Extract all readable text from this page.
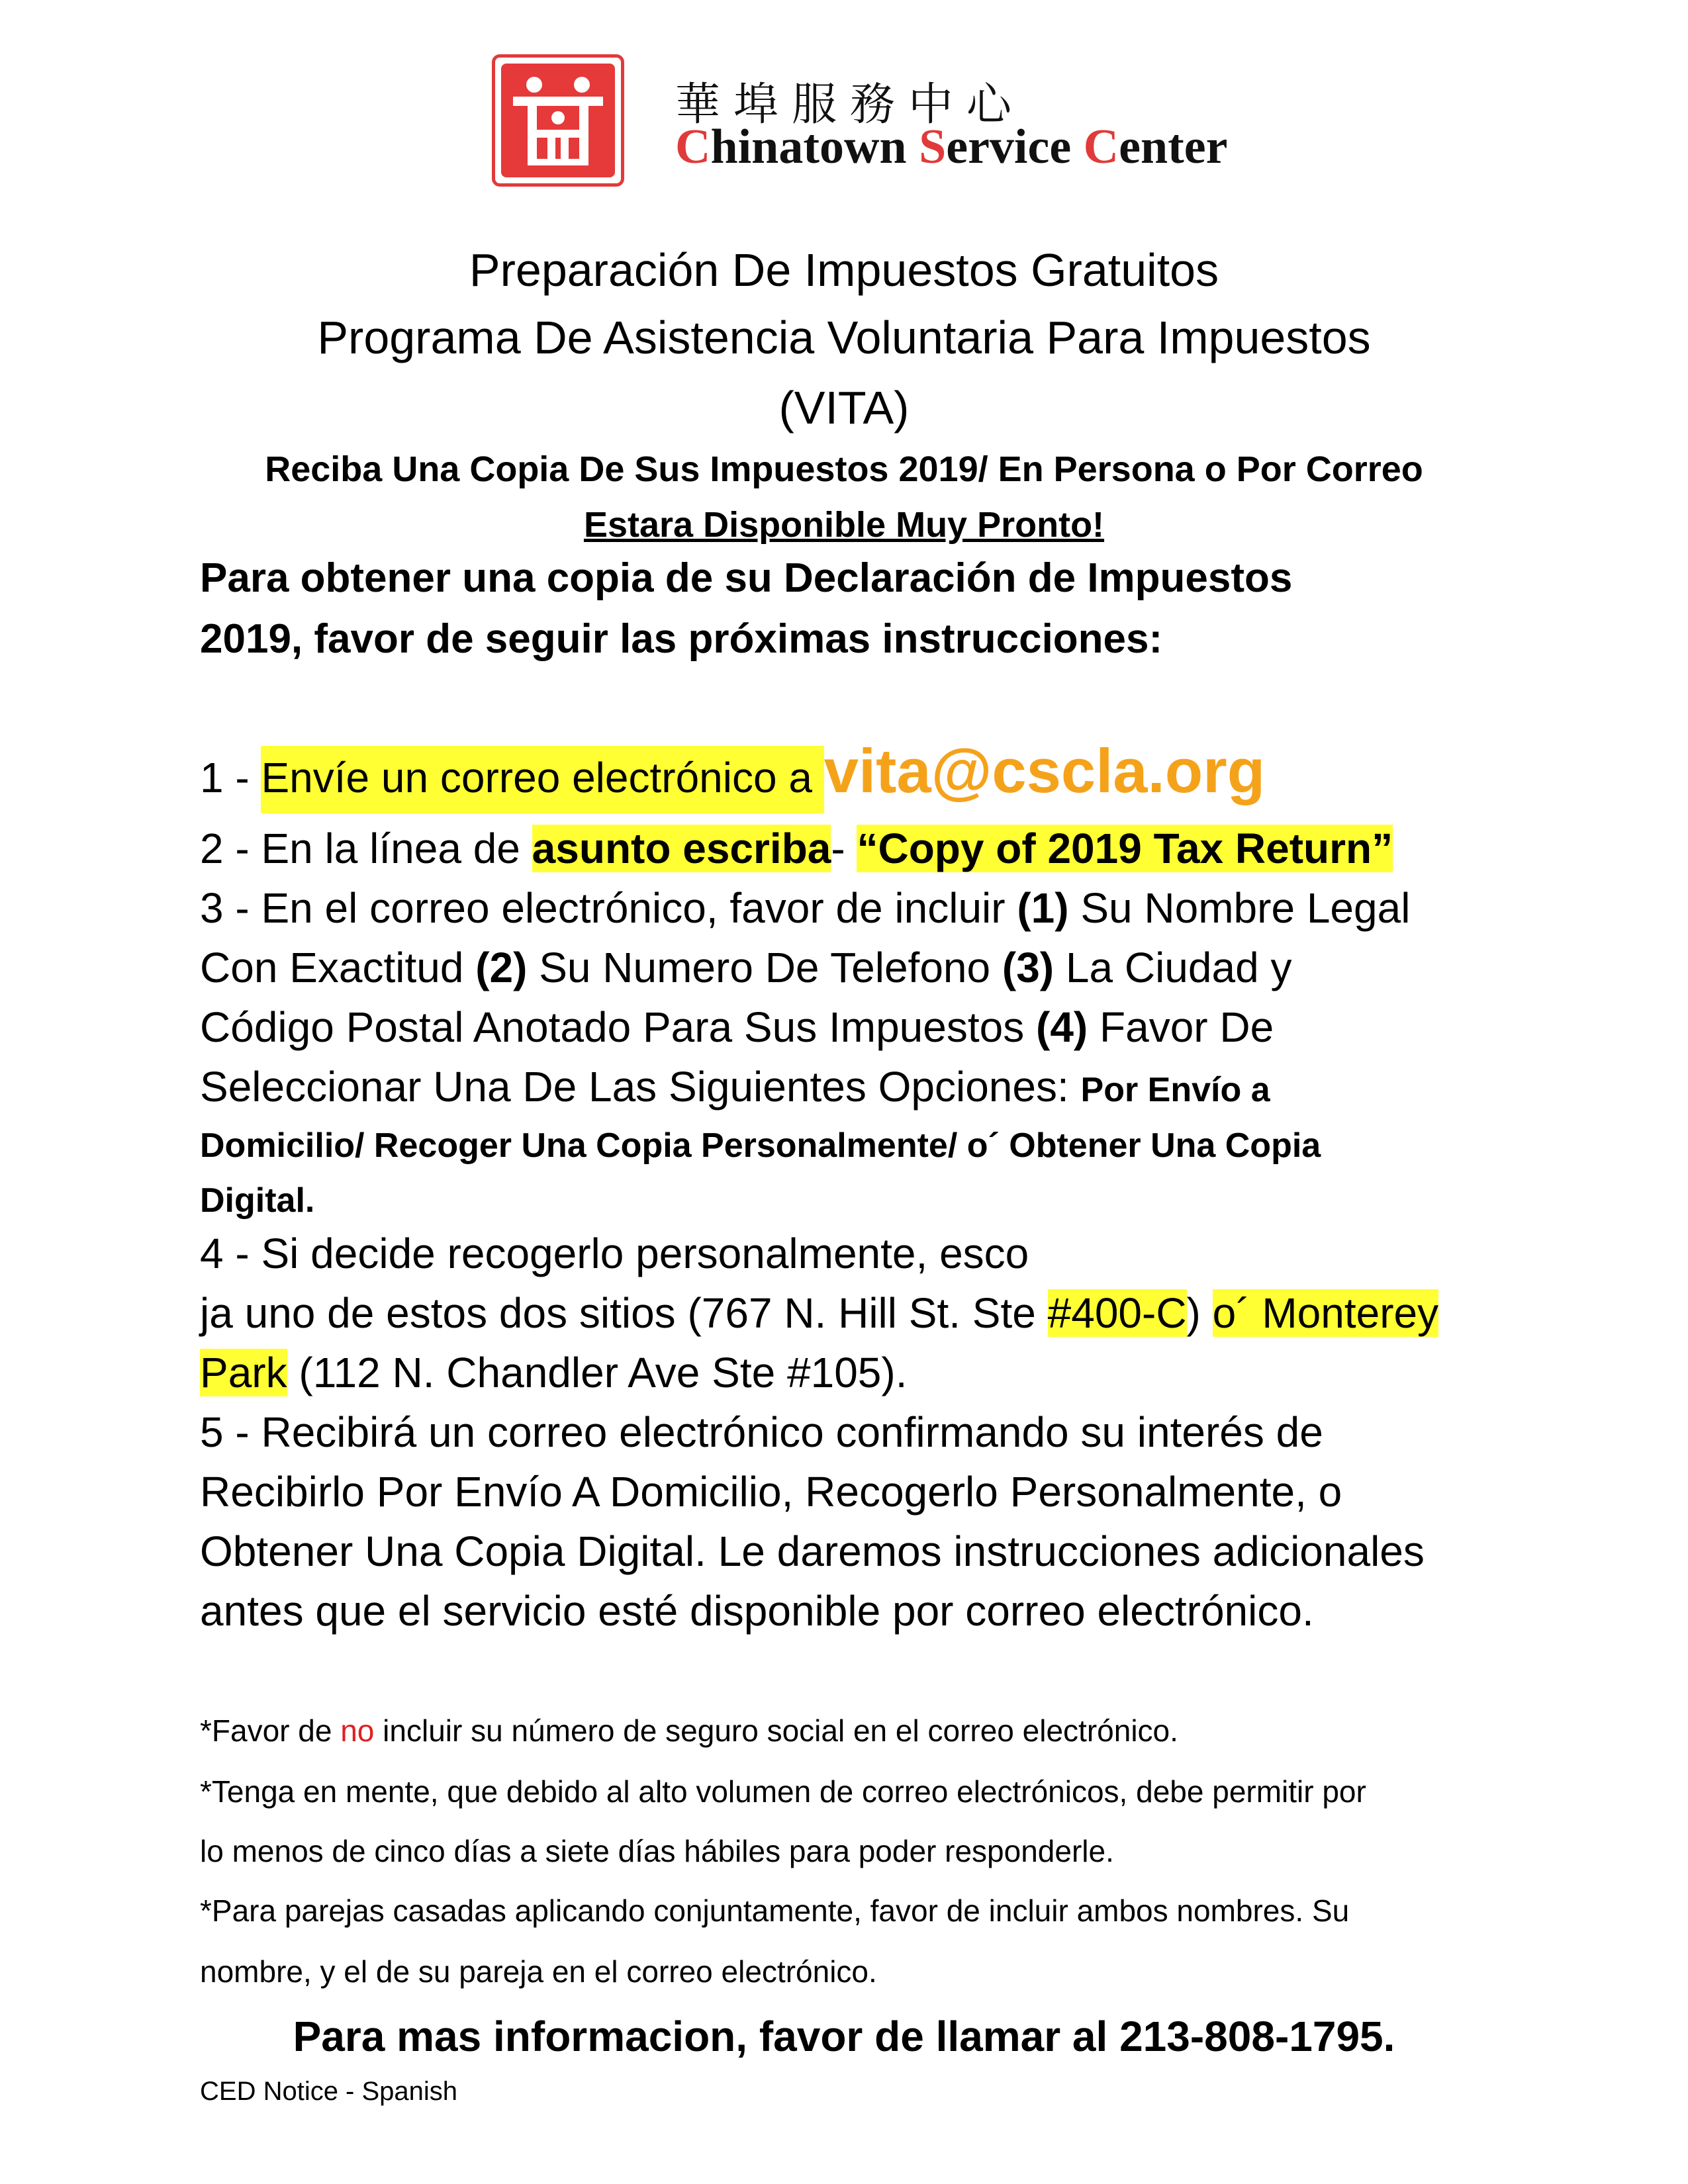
華埠服務中心
Chinatown Service Center
Preparación De Impuestos Gratuitos
Programa De Asistencia Voluntaria Para Impuestos
(VITA)
Reciba Una Copia De Sus Impuestos 2019/ En Persona o Por Correo
Estara Disponible Muy Pronto!
Para obtener una copia de su Declaración de Impuestos
2019, favor de seguir las próximas instrucciones:
1 - Envíe un correo electrónico a vita@cscla.org
2 - En la línea de asunto escriba- “Copy of 2019 Tax Return”
3 - En el correo electrónico, favor de incluir (1) Su Nombre Legal
Con Exactitud (2) Su Numero De Telefono (3) La Ciudad y
Código Postal Anotado Para Sus Impuestos (4) Favor De
Seleccionar Una De Las Siguientes Opciones: Por Envío a
Domicilio/ Recoger Una Copia Personalmente/ o´ Obtener Una Copia
Digital.
4 - Si decide recogerlo personalmente, esco
ja uno de estos dos sitios (767 N. Hill St. Ste #400-C) o´ Monterey
Park (112 N. Chandler Ave Ste #105).
5 - Recibirá un correo electrónico confirmando su interés de
Recibirlo Por Envío A Domicilio, Recogerlo Personalmente, o
Obtener Una Copia Digital. Le daremos instrucciones adicionales
antes que el servicio esté disponible por correo electrónico.
*Favor de no incluir su número de seguro social en el correo electrónico.
*Tenga en mente, que debido al alto volumen de correo electrónicos, debe permitir por
lo menos de cinco días a siete días hábiles para poder responderle.
*Para parejas casadas aplicando conjuntamente, favor de incluir ambos nombres. Su
nombre, y el de su pareja en el correo electrónico.
Para mas informacion, favor de llamar al 213-808-1795.
CED Notice - Spanish
